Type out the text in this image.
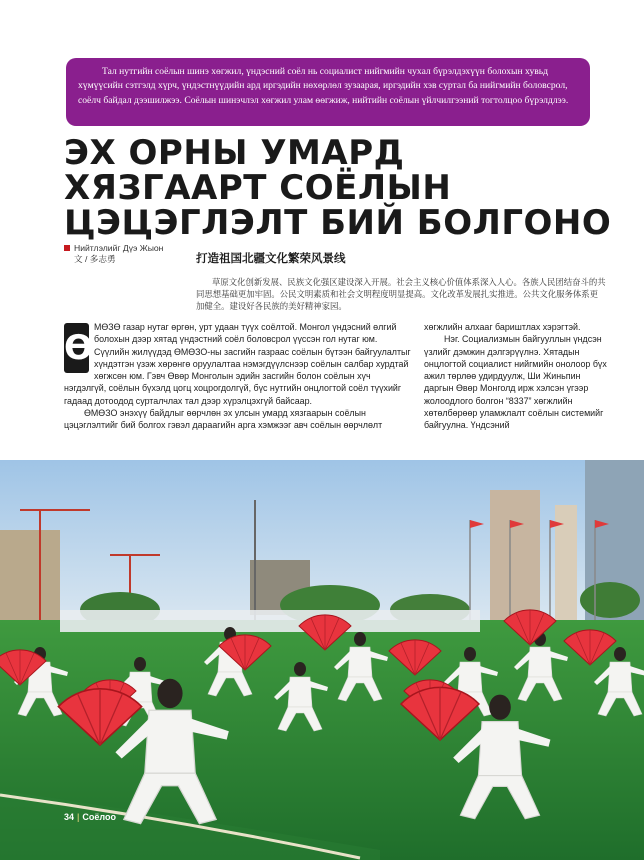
Тал нутгийн соёлын шинэ хөгжил, үндэсний соёл нь социалист нийгмийн чухал бүрэлдэхүүн болохын хувьд хүмүүсийн сэтгэлд хүрч, үндэстнүүдийн ард иргэдийн нөхөрлөл зузаарая, иргэдийн хэв суртал ба нийгмийн боловсрол, соёлч байдал дээшилжээ. Соёлын шинэчлэл хөгжил улам өөгжиж, нийтийн соёлын үйлчилгээний тогтолцоо бүрэлдлээ.
ЭХ ОРНЫ УМАРД
ХЯЗГААРТ СОЁЛЫН
ЦЭЦЭГЛЭЛТ БИЙ БОЛГОНО
Нийтлэлийг Дүэ Жыон
文 / 多志勇	打造祖国北疆文化繁荣风景线
草原文化创新发展、民族文化强区建设深入开展。社会主义核心价值体系深入人心。各族人民团结奋斗的共同思想基础更加牢固。公民文明素质和社会文明程度明显提高。文化改革发展扎实推进。公共文化服务体系更加健全。建设好各民族的美好精神家园。

Ө
МӨЗӨ газар нутаг өргөн, урт удаан түүх соёлтой. Монгол үндэсний өлгий болохын дээр хятад үндэстний соёл боловсрол үүссэн гол нутаг юм. Сүүлийн жилүүдэд ӨМӨЗО-ны засгийн газраас соёлын бүтээн байгуулалтыг хүндэтгэн үзэж хөрөнгө оруулалтаа нэмэгдүүлснээр соёлын салбар хурдтай хөгжсөн юм. Гэвч Өвөр Монголын эдийн засгийн болон соёлын хүч нэгдэлгүй, соёлын бүхэлд цогц хоцрогдолгүй, бүс нутгийн онцлогтой соёл түүхийг гадаад дотоодод сурталчлах тал дээр хүрэлцэхгүй байсаар.

ӨМӨЗО энэхүү байдлыг өөрчлөн эх улсын умард хязгаарын соёлын цэцэглэлтийг бий болгох гэвэл дараагийн арга хэмжээг авч соёлын өөрчлөлт

хөгжлийн алхааг бариштлах хэрэгтэй.

Нэг. Социализмын байгууллын үндсэн үзлийг дэмжин дэлгэрүүлнэ. Хятадын онцлогтой социалист нийгмийн онолоор бүх ажил төрлөө удирдуулж, Ши Жиньпин даргын Өвөр Монголд ирж хэлсэн үгээр жолоодлого болгон “8337” хөгжлийн хөтөлбөрөөр уламжлалт соёлын системийг байгуулна. Үндсэний

34 | Соёлоо
